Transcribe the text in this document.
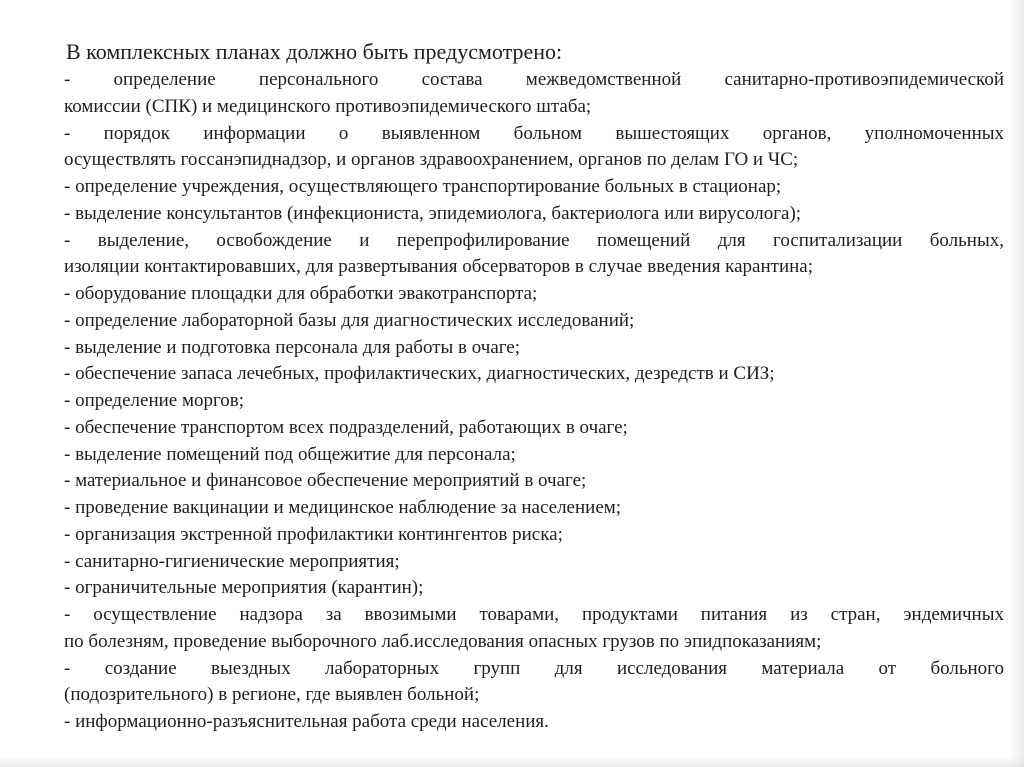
В комплексных планах должно быть предусмотрено:
- определение персонального состава межведомственной санитарно-противоэпидемической
комиссии (СПК) и медицинского противоэпидемического штаба;
- порядок информации о выявленном больном вышестоящих органов, уполномоченных
осуществлять госсанэпиднадзор, и органов здравоохранением, органов по делам ГО и ЧС;
- определение учреждения, осуществляющего транспортирование больных в стационар;
- выделение консультантов (инфекциониста, эпидемиолога, бактериолога или вирусолога);
- выделение, освобождение и перепрофилирование помещений для госпитализации больных,
изоляции контактировавших, для развертывания обсерваторов в случае введения карантина;
- оборудование площадки для обработки эвакотранспорта;
- определение лабораторной базы для диагностических исследований;
- выделение и подготовка персонала для работы в очаге;
- обеспечение запаса лечебных, профилактических, диагностических, дезредств и СИЗ;
- определение моргов;
- обеспечение транспортом всех подразделений, работающих в очаге;
- выделение помещений под общежитие для персонала;
- материальное и финансовое обеспечение мероприятий в очаге;
- проведение вакцинации и медицинское наблюдение за населением;
- организация экстренной профилактики контингентов риска;
- санитарно-гигиенические мероприятия;
- ограничительные мероприятия (карантин);
- осуществление надзора за ввозимыми товарами, продуктами питания из стран, эндемичных
по болезням, проведение выборочного лаб.исследования опасных грузов по эпидпоказаниям;
- создание выездных лабораторных групп для исследования материала от больного
(подозрительного) в регионе, где выявлен больной;
- информационно-разъяснительная работа среди населения.
